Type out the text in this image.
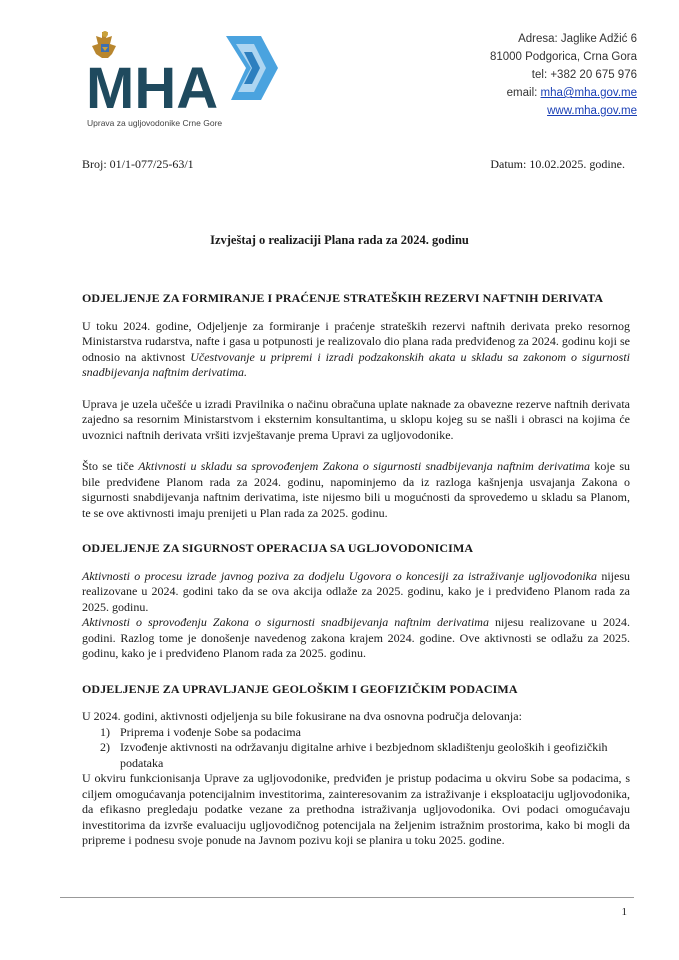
MHA
Uprava za ugljovodonike Crne Gore
Adresa: Jaglike Adžić 6
81000 Podgorica, Crna Gora
tel: +382 20 675 976
email: mha@mha.gov.me
www.mha.gov.me
Broj: 01/1-077/25-63/1	Datum: 10.02.2025. godine.
Izvještaj o realizaciji Plana rada za 2024. godinu
ODJELJENJE ZA FORMIRANJE I PRAĆENJE STRATEŠKIH REZERVI NAFTNIH DERIVATA

U toku 2024. godine, Odjeljenje za formiranje i praćenje strateških rezervi naftnih derivata preko resornog Ministarstva rudarstva, nafte i gasa u potpunosti je realizovalo dio plana rada predviđenog za 2024. godinu koji se odnosio na aktivnost Učestvovanje u pripremi i izradi podzakonskih akata u skladu sa zakonom o sigurnosti snadbijevanja naftnim derivatima.

Uprava je uzela učešće u izradi Pravilnika o načinu obračuna uplate naknade za obavezne rezerve naftnih derivata zajedno sa resornim Ministarstvom i eksternim konsultantima, u sklopu kojeg su se našli i obrasci na kojima će uvoznici naftnih derivata vršiti izvještavanje prema Upravi za ugljovodonike.

Što se tiče Aktivnosti u skladu sa sprovođenjem Zakona o sigurnosti snadbijevanja naftnim derivatima koje su bile predviđene Planom rada za 2024. godinu, napominjemo da iz razloga kašnjenja usvajanja Zakona o sigurnosti snabdijevanja naftnim derivatima, iste nijesmo bili u mogućnosti da sprovedemo u skladu sa Planom, te se ove aktivnosti imaju prenijeti u Plan rada za 2025. godinu.

ODJELJENJE ZA SIGURNOST OPERACIJA SA UGLJOVODONICIMA

Aktivnosti o procesu izrade javnog poziva za dodjelu Ugovora o koncesiji za istraživanje ugljovodonika nijesu realizovane u 2024. godini tako da se ova akcija odlaže za 2025. godinu, kako je i predviđeno Planom rada za 2025. godinu.

Aktivnosti o sprovođenju Zakona o sigurnosti snadbijevanja naftnim derivatima nijesu realizovane u 2024. godini. Razlog tome je donošenje navedenog zakona krajem 2024. godine. Ove aktivnosti se odlažu za 2025. godinu, kako je i predviđeno Planom rada za 2025. godinu.

ODJELJENJE ZA UPRAVLJANJE GEOLOŠKIM I GEOFIZIČKIM PODACIMA

U 2024. godini, aktivnosti odjeljenja su bile fokusirane na dva osnovna područja delovanja:

1) Priprema i vođenje Sobe sa podacima
2) Izvođenje aktivnosti na održavanju digitalne arhive i bezbjednom skladištenju geoloških i geofizičkih podataka

U okviru funkcionisanja Uprave za ugljovodonike, predviđen je pristup podacima u okviru Sobe sa podacima, s ciljem omogućavanja potencijalnim investitorima, zainteresovanim za istraživanje i eksploataciju ugljovodonika, da efikasno pregledaju podatke vezane za prethodna istraživanja ugljovodonika. Ovi podaci omogućavaju investitorima da izvrše evaluaciju ugljovodičnog potencijala na željenim istražnim prostorima, kako bi mogli da pripreme i podnesu svoje ponude na Javnom pozivu koji se planira u toku 2025. godine.

1
